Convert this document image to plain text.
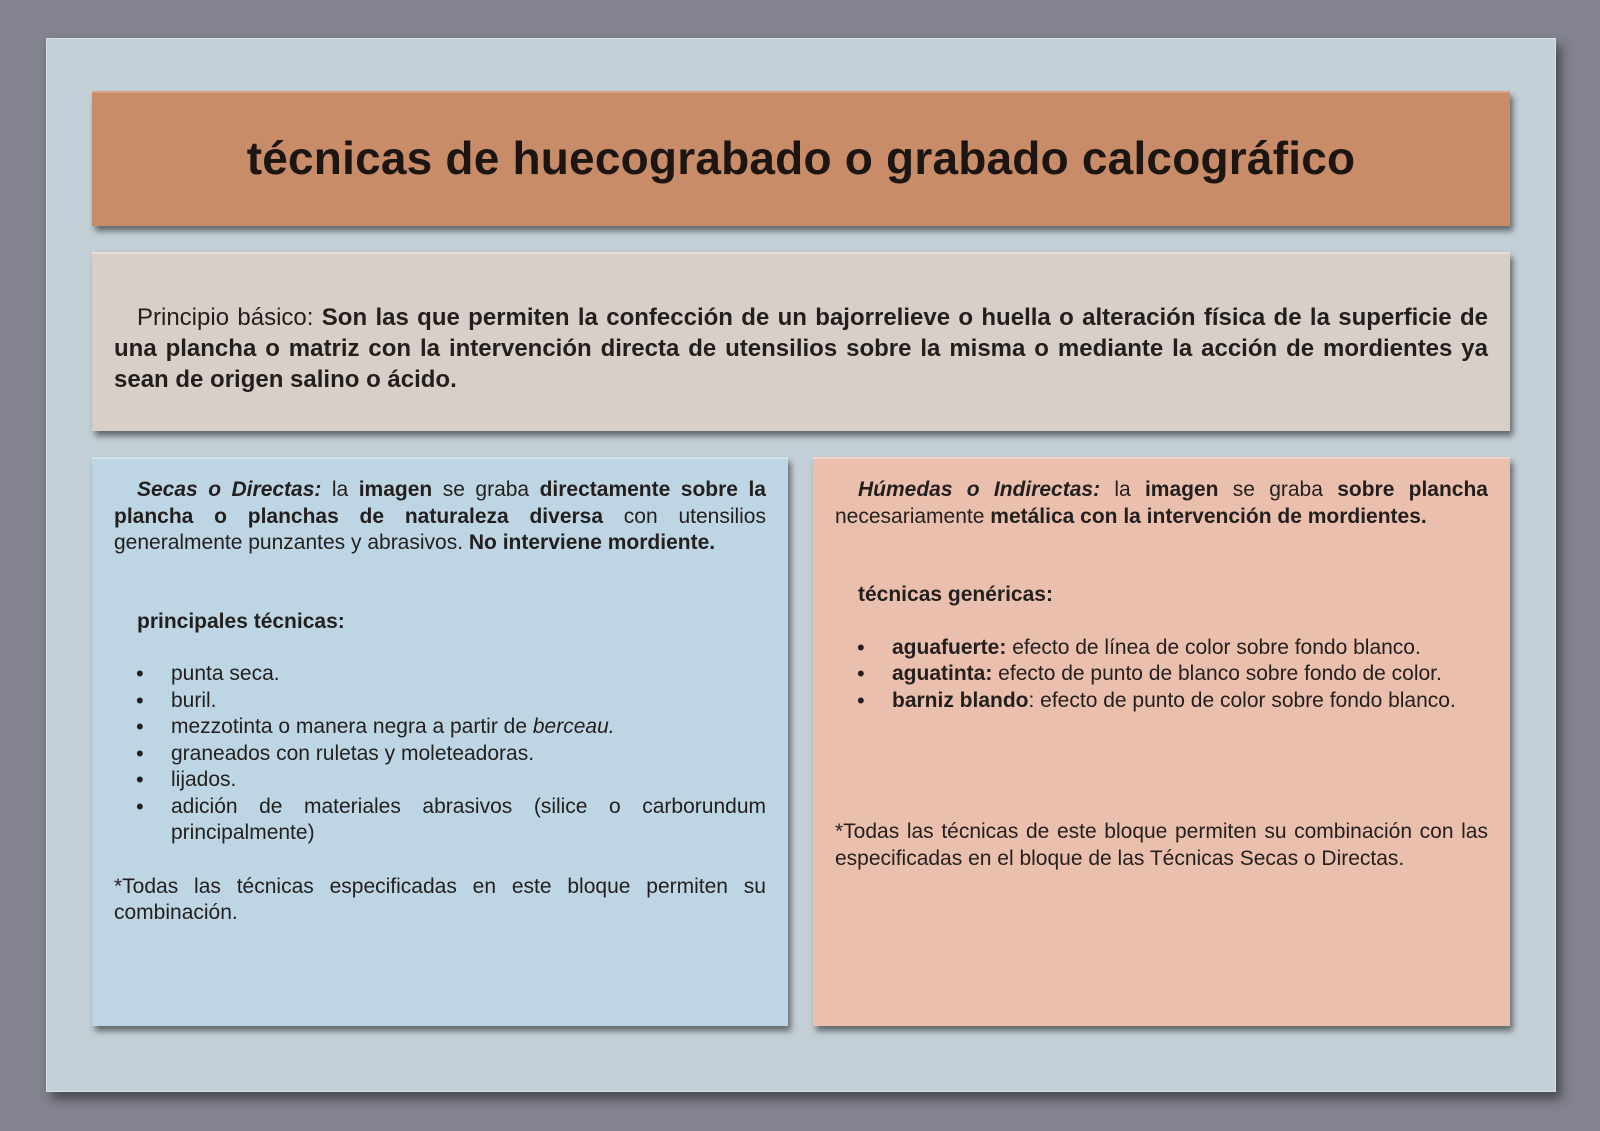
técnicas de huecograbado o grabado calcográfico

Principio básico: Son las que permiten la confección de un bajorrelieve o huella o alteración física de la superficie de una plancha o matriz con la intervención directa de utensilios sobre la misma o mediante la acción de mordientes ya sean de origen salino o ácido.

Secas o Directas: la imagen se graba directamente sobre la plancha o planchas de naturaleza diversa con utensilios generalmente punzantes y abrasivos. No interviene mordiente.

principales técnicas:

• punta seca.
• buril.
• mezzotinta o manera negra a partir de berceau.
• graneados con ruletas y moleteadoras.
• lijados.
• adición de materiales abrasivos (silice o carborundum principalmente)

*Todas las técnicas especificadas en este bloque permiten su combinación.

Húmedas o Indirectas: la imagen se graba sobre plancha necesariamente metálica con la intervención de mordientes.

técnicas genéricas:

• aguafuerte: efecto de línea de color sobre fondo blanco.
• aguatinta: efecto de punto de blanco sobre fondo de color.
• barniz blando: efecto de punto de color sobre fondo blanco.

*Todas las técnicas de este bloque permiten su combinación con las especificadas en el bloque de las Técnicas Secas o Directas.
